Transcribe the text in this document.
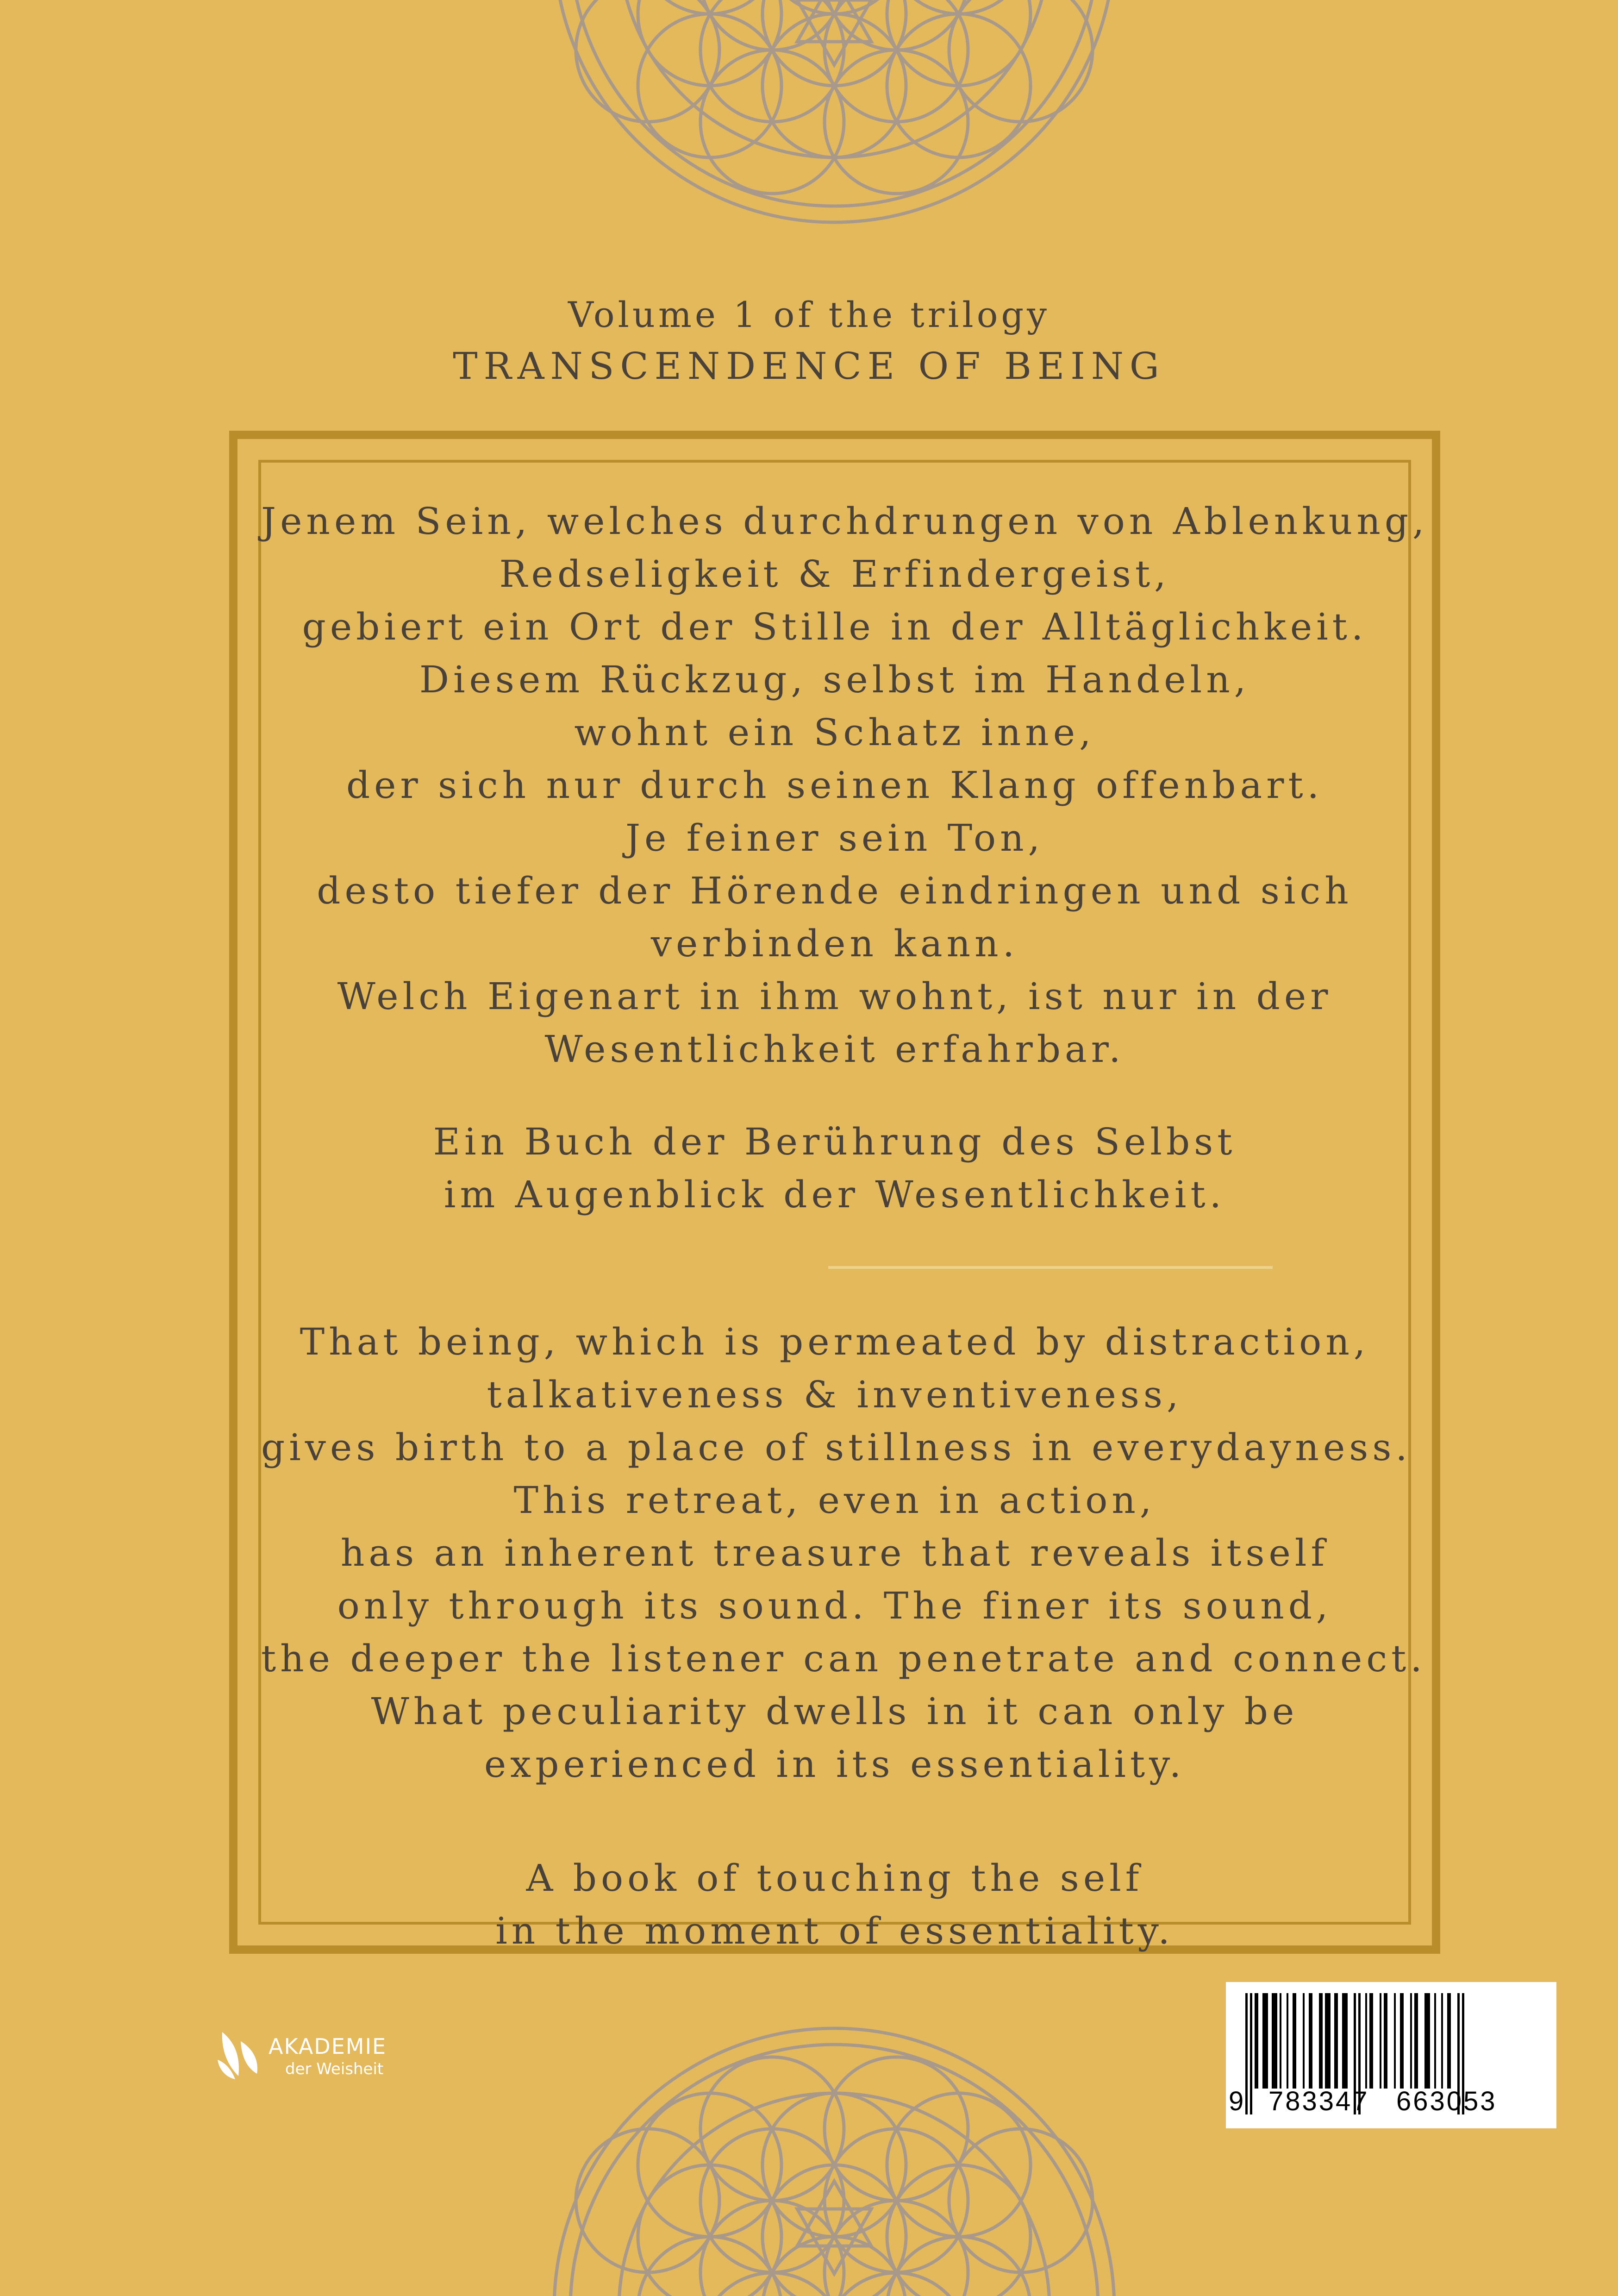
Volume 1 of the trilogy
TRANSCENDENCE OF BEING
Jenem Sein, welches durchdrungen von Ablenkung,
Redseligkeit & Erfindergeist,
gebiert ein Ort der Stille in der Alltäglichkeit.
Diesem Rückzug, selbst im Handeln,
wohnt ein Schatz inne,
der sich nur durch seinen Klang offenbart.
Je feiner sein Ton,
desto tiefer der Hörende eindringen und sich
verbinden kann.
Welch Eigenart in ihm wohnt, ist nur in der
Wesentlichkeit erfahrbar.
Ein Buch der Berührung des Selbst
im Augenblick der Wesentlichkeit.
That being, which is permeated by distraction,
talkativeness & inventiveness,
gives birth to a place of stillness in everydayness.
This retreat, even in action,
has an inherent treasure that reveals itself
only through its sound. The finer its sound,
the deeper the listener can penetrate and connect.
What peculiarity dwells in it can only be
experienced in its essentiality.
A book of touching the self
in the moment of essentiality.
AKADEMIE
der Weisheit
9 783347 663053
